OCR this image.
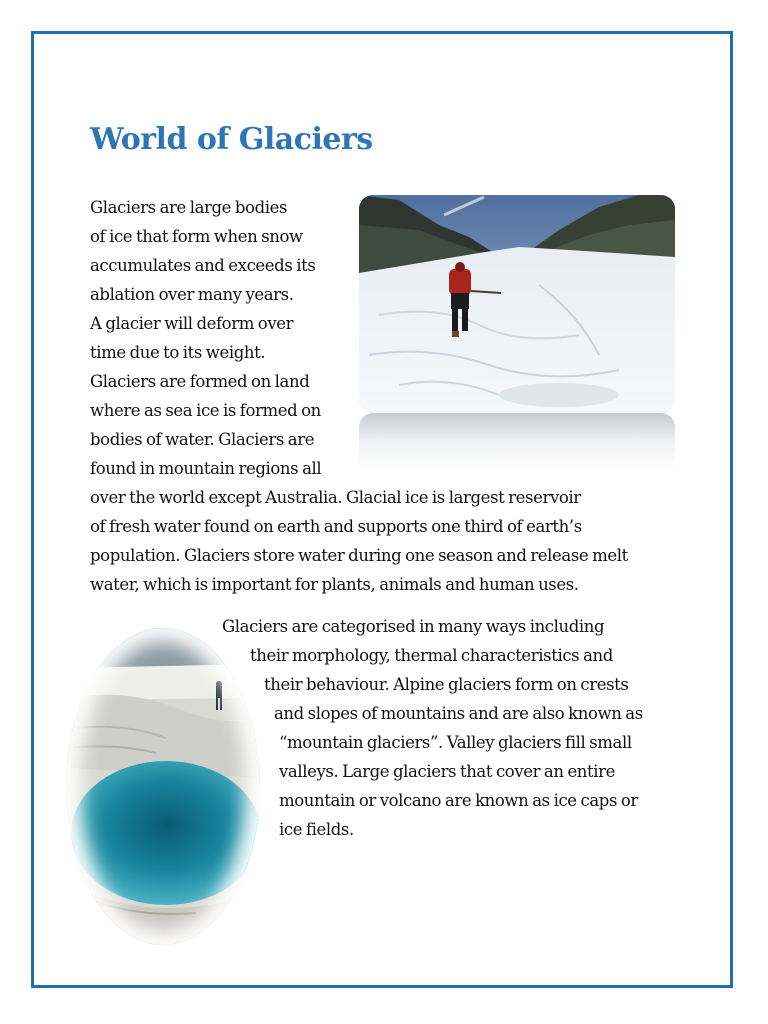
World of Glaciers
Glaciers are large bodies
of ice that form when snow
accumulates and exceeds its
ablation over many years.
A glacier will deform over
time due to its weight.
Glaciers are formed on land
where as sea ice is formed on
bodies of water. Glaciers are
found in mountain regions all
over the world except Australia. Glacial ice is largest reservoir
of fresh water found on earth and supports one third of earth’s
population. Glaciers store water during one season and release melt
water, which is important for plants, animals and human uses.
Glaciers are categorised in many ways including
their morphology, thermal characteristics and
their behaviour. Alpine glaciers form on crests
and slopes of mountains and are also known as
“mountain glaciers”. Valley glaciers fill small
valleys. Large glaciers that cover an entire
mountain or volcano are known as ice caps or
ice fields.
